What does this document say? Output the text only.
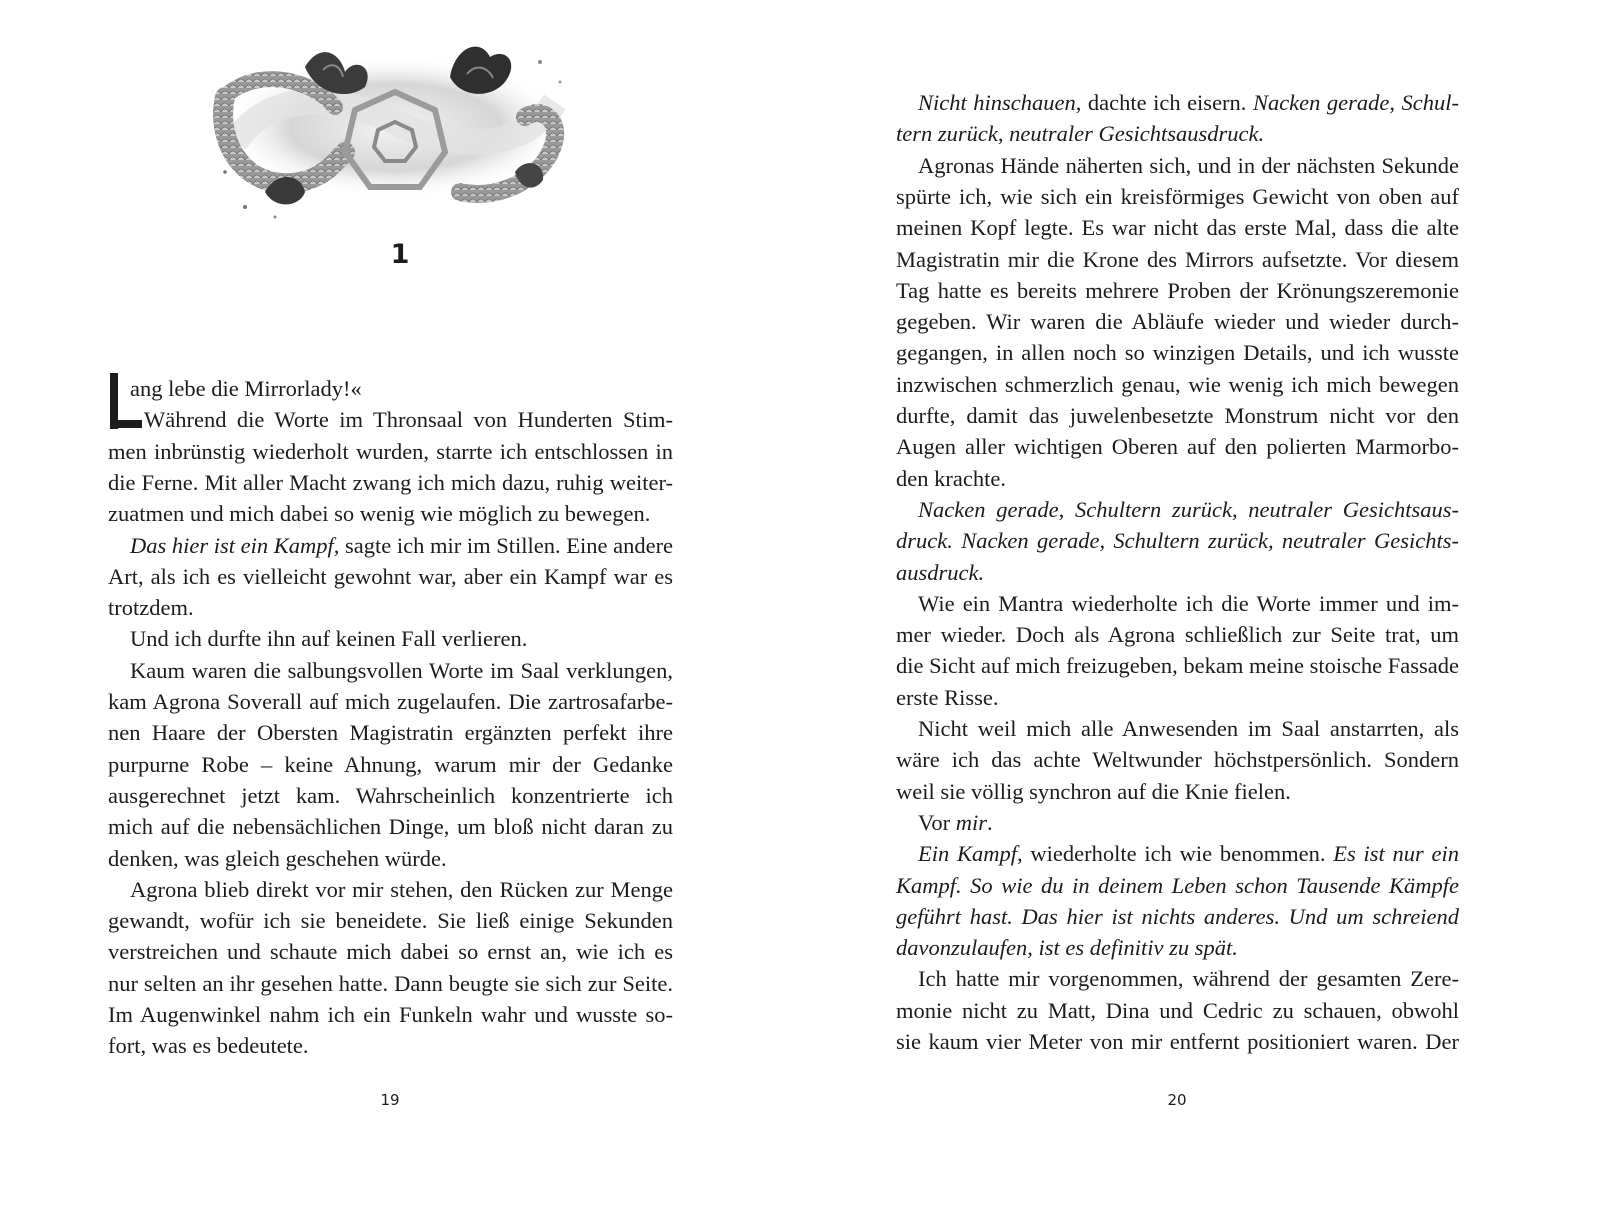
1
ang lebe die Mirrorlady!«
Während die Worte im Thronsaal von Hunderten Stim-
men inbrünstig wiederholt wurden, starrte ich entschlossen in
die Ferne. Mit aller Macht zwang ich mich dazu, ruhig weiter-
zuatmen und mich dabei so wenig wie möglich zu bewegen.
Das hier ist ein Kampf, sagte ich mir im Stillen. Eine andere
Art, als ich es vielleicht gewohnt war, aber ein Kampf war es
trotzdem.
Und ich durfte ihn auf keinen Fall verlieren.
Kaum waren die salbungsvollen Worte im Saal verklungen,
kam Agrona Soverall auf mich zugelaufen. Die zartrosafarbe-
nen Haare der Obersten Magistratin ergänzten perfekt ihre
purpurne Robe – keine Ahnung, warum mir der Gedanke
ausgerechnet jetzt kam. Wahrscheinlich konzentrierte ich
mich auf die nebensächlichen Dinge, um bloß nicht daran zu
denken, was gleich geschehen würde.
Agrona blieb direkt vor mir stehen, den Rücken zur Menge
gewandt, wofür ich sie beneidete. Sie ließ einige Sekunden
verstreichen und schaute mich dabei so ernst an, wie ich es
nur selten an ihr gesehen hatte. Dann beugte sie sich zur Seite.
Im Augenwinkel nahm ich ein Funkeln wahr und wusste so-
fort, was es bedeutete.
19
Nicht hinschauen, dachte ich eisern. Nacken gerade, Schul-
tern zurück, neutraler Gesichtsausdruck.
Agronas Hände näherten sich, und in der nächsten Sekunde
spürte ich, wie sich ein kreisförmiges Gewicht von oben auf
meinen Kopf legte. Es war nicht das erste Mal, dass die alte
Magistratin mir die Krone des Mirrors aufsetzte. Vor diesem
Tag hatte es bereits mehrere Proben der Krönungszeremonie
gegeben. Wir waren die Abläufe wieder und wieder durch-
gegangen, in allen noch so winzigen Details, und ich wusste
inzwischen schmerzlich genau, wie wenig ich mich bewegen
durfte, damit das juwelenbesetzte Monstrum nicht vor den
Augen aller wichtigen Oberen auf den polierten Marmorbo-
den krachte.
Nacken gerade, Schultern zurück, neutraler Gesichtsaus-
druck. Nacken gerade, Schultern zurück, neutraler Gesichts-
ausdruck.
Wie ein Mantra wiederholte ich die Worte immer und im-
mer wieder. Doch als Agrona schließlich zur Seite trat, um
die Sicht auf mich freizugeben, bekam meine stoische Fassade
erste Risse.
Nicht weil mich alle Anwesenden im Saal anstarrten, als
wäre ich das achte Weltwunder höchstpersönlich. Sondern
weil sie völlig synchron auf die Knie fielen.
Vor mir.
Ein Kampf, wiederholte ich wie benommen. Es ist nur ein
Kampf. So wie du in deinem Leben schon Tausende Kämpfe
geführt hast. Das hier ist nichts anderes. Und um schreiend
davonzulaufen, ist es definitiv zu spät.
Ich hatte mir vorgenommen, während der gesamten Zere-
monie nicht zu Matt, Dina und Cedric zu schauen, obwohl
sie kaum vier Meter von mir entfernt positioniert waren. Der
20
